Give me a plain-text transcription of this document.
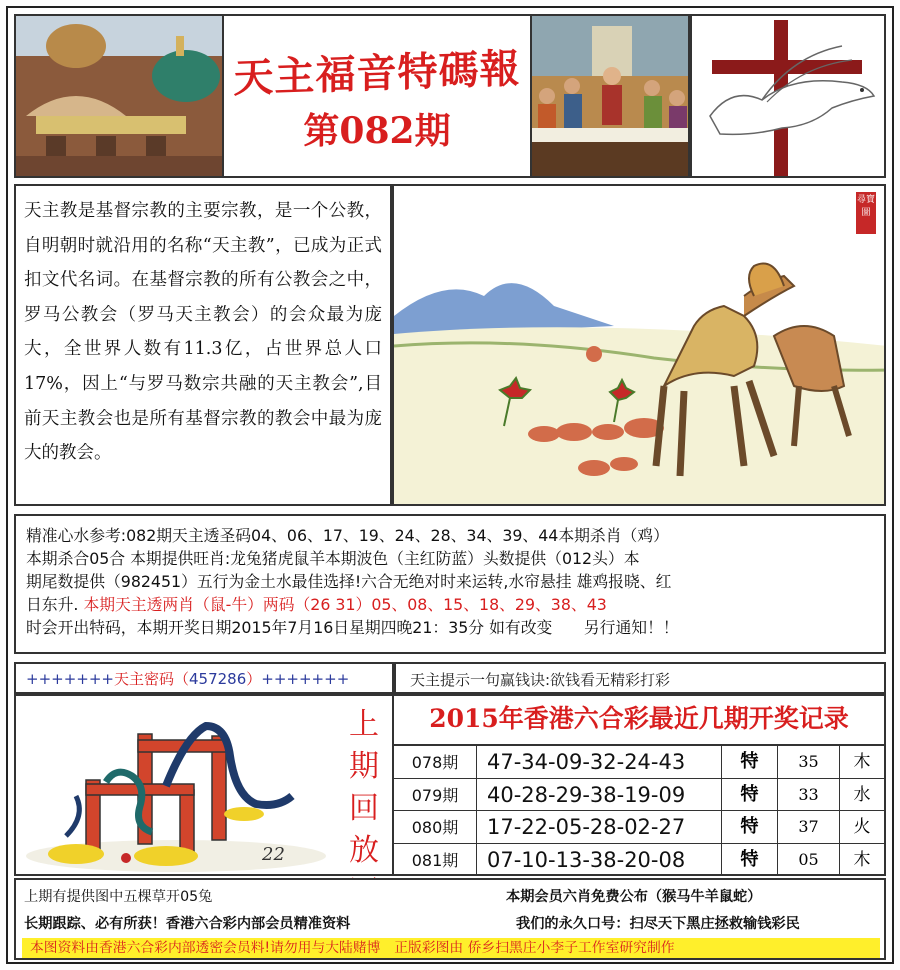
天主福音特碼報
第082期

天主教是基督宗教的主要宗教，是一个公教，自明朝时就沿用的名称“天主教”，已成为正式扣文代名词。在基督宗教的所有公教会之中，罗马公教会（罗马天主教会）的会众最为庞大，全世界人数有11.3亿，占世界总人口17%，因上“与罗马数宗共融的天主教会”,目前天主教会也是所有基督宗教的教会中最为庞大的教会。

尋寶圖
精准心水参考:082期天主透圣码04、06、17、19、24、28、34、39、44本期杀肖（鸡）
本期杀合05合 本期提供旺肖:龙兔猪虎鼠羊本期波色（主红防蓝）头数提供（012头）本
期尾数提供（982451）五行为金土水最佳选择!六合无绝对时来运转,水帘悬挂 雄鸡报晓、红
日东升. 本期天主透两肖（鼠-牛）两码（26 31）05、08、15、18、29、38、43
时会开出特码，本期开奖日期2015年7月16日星期四晚21：35分 如有改变　　另行通知！！
+++++++天主密码（457286）+++++++	天主提示一句赢钱诀:欲钱看无精彩打彩
22
上
期
回
放
2015年香港六合彩最近几期开奖记录
078期	47-34-09-32-24-43	特	35	木
079期	40-28-29-38-19-09	特	33	水
080期	17-22-05-28-02-27	特	37	火
081期	07-10-13-38-20-08	特	05	木
上期有提供图中五棵草开05兔	本期会员六肖免费公布（猴马牛羊鼠蛇）
长期跟踪、必有所获！香港六合彩内部会员精准资料	我们的永久口号：扫尽天下黑庄拯救输钱彩民
本图资料由香港六合彩内部透密会员料!请勿用与大陆赌博　正版彩图由 侨乡扫黑庄小李子工作室研究制作
